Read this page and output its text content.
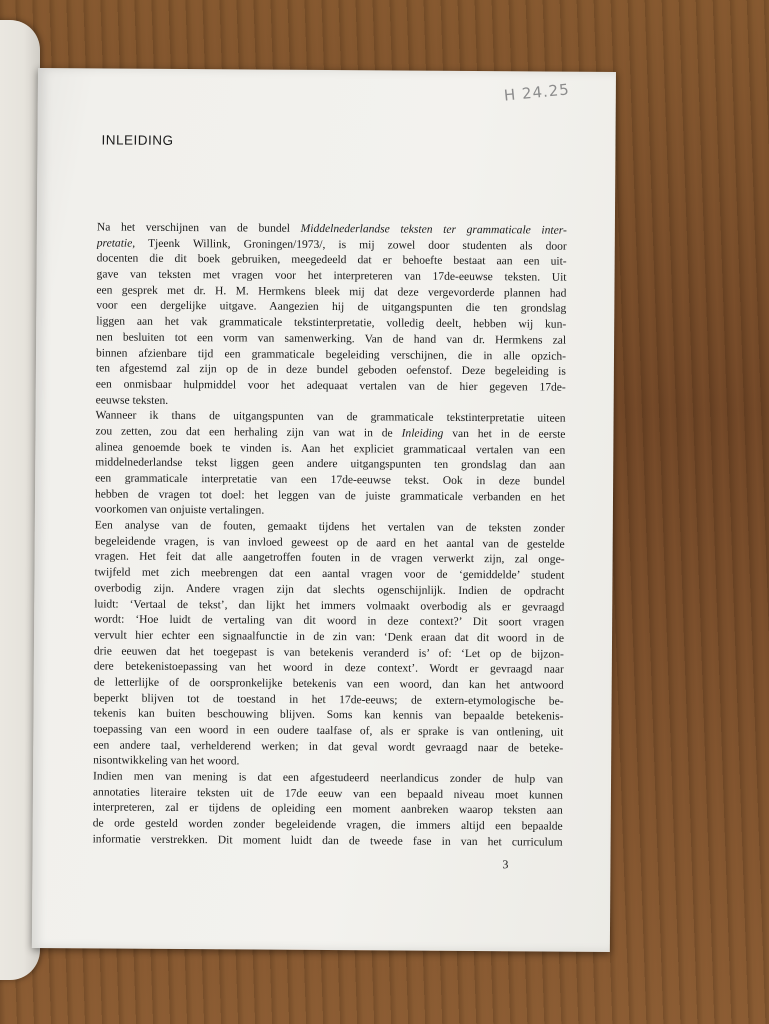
H 24.25
INLEIDING
Na het verschijnen van de bundel Middelnederlandse teksten ter grammaticale inter-
pretatie, Tjeenk Willink, Groningen/1973/, is mij zowel door studenten als door
docenten die dit boek gebruiken, meegedeeld dat er behoefte bestaat aan een uit-
gave van teksten met vragen voor het interpreteren van 17de-eeuwse teksten. Uit
een gesprek met dr. H. M. Hermkens bleek mij dat deze vergevorderde plannen had
voor een dergelijke uitgave. Aangezien hij de uitgangspunten die ten grondslag
liggen aan het vak grammaticale tekstinterpretatie, volledig deelt, hebben wij kun-
nen besluiten tot een vorm van samenwerking. Van de hand van dr. Hermkens zal
binnen afzienbare tijd een grammaticale begeleiding verschijnen, die in alle opzich-
ten afgestemd zal zijn op de in deze bundel geboden oefenstof. Deze begeleiding is
een onmisbaar hulpmiddel voor het adequaat vertalen van de hier gegeven 17de-
eeuwse teksten.
Wanneer ik thans de uitgangspunten van de grammaticale tekstinterpretatie uiteen
zou zetten, zou dat een herhaling zijn van wat in de Inleiding van het in de eerste
alinea genoemde boek te vinden is. Aan het expliciet grammaticaal vertalen van een
middelnederlandse tekst liggen geen andere uitgangspunten ten grondslag dan aan
een grammaticale interpretatie van een 17de-eeuwse tekst. Ook in deze bundel
hebben de vragen tot doel: het leggen van de juiste grammaticale verbanden en het
voorkomen van onjuiste vertalingen.
Een analyse van de fouten, gemaakt tijdens het vertalen van de teksten zonder
begeleidende vragen, is van invloed geweest op de aard en het aantal van de gestelde
vragen. Het feit dat alle aangetroffen fouten in de vragen verwerkt zijn, zal onge-
twijfeld met zich meebrengen dat een aantal vragen voor de ‘gemiddelde’ student
overbodig zijn. Andere vragen zijn dat slechts ogenschijnlijk. Indien de opdracht
luidt: ‘Vertaal de tekst’, dan lijkt het immers volmaakt overbodig als er gevraagd
wordt: ‘Hoe luidt de vertaling van dit woord in deze context?’ Dit soort vragen
vervult hier echter een signaalfunctie in de zin van: ‘Denk eraan dat dit woord in de
drie eeuwen dat het toegepast is van betekenis veranderd is’ of: ‘Let op de bijzon-
dere betekenistoepassing van het woord in deze context’. Wordt er gevraagd naar
de letterlijke of de oorspronkelijke betekenis van een woord, dan kan het antwoord
beperkt blijven tot de toestand in het 17de-eeuws; de extern-etymologische be-
tekenis kan buiten beschouwing blijven. Soms kan kennis van bepaalde betekenis-
toepassing van een woord in een oudere taalfase of, als er sprake is van ontlening, uit
een andere taal, verhelderend werken; in dat geval wordt gevraagd naar de beteke-
nisontwikkeling van het woord.
Indien men van mening is dat een afgestudeerd neerlandicus zonder de hulp van
annotaties literaire teksten uit de 17de eeuw van een bepaald niveau moet kunnen
interpreteren, zal er tijdens de opleiding een moment aanbreken waarop teksten aan
de orde gesteld worden zonder begeleidende vragen, die immers altijd een bepaalde
informatie verstrekken. Dit moment luidt dan de tweede fase in van het curriculum
3
